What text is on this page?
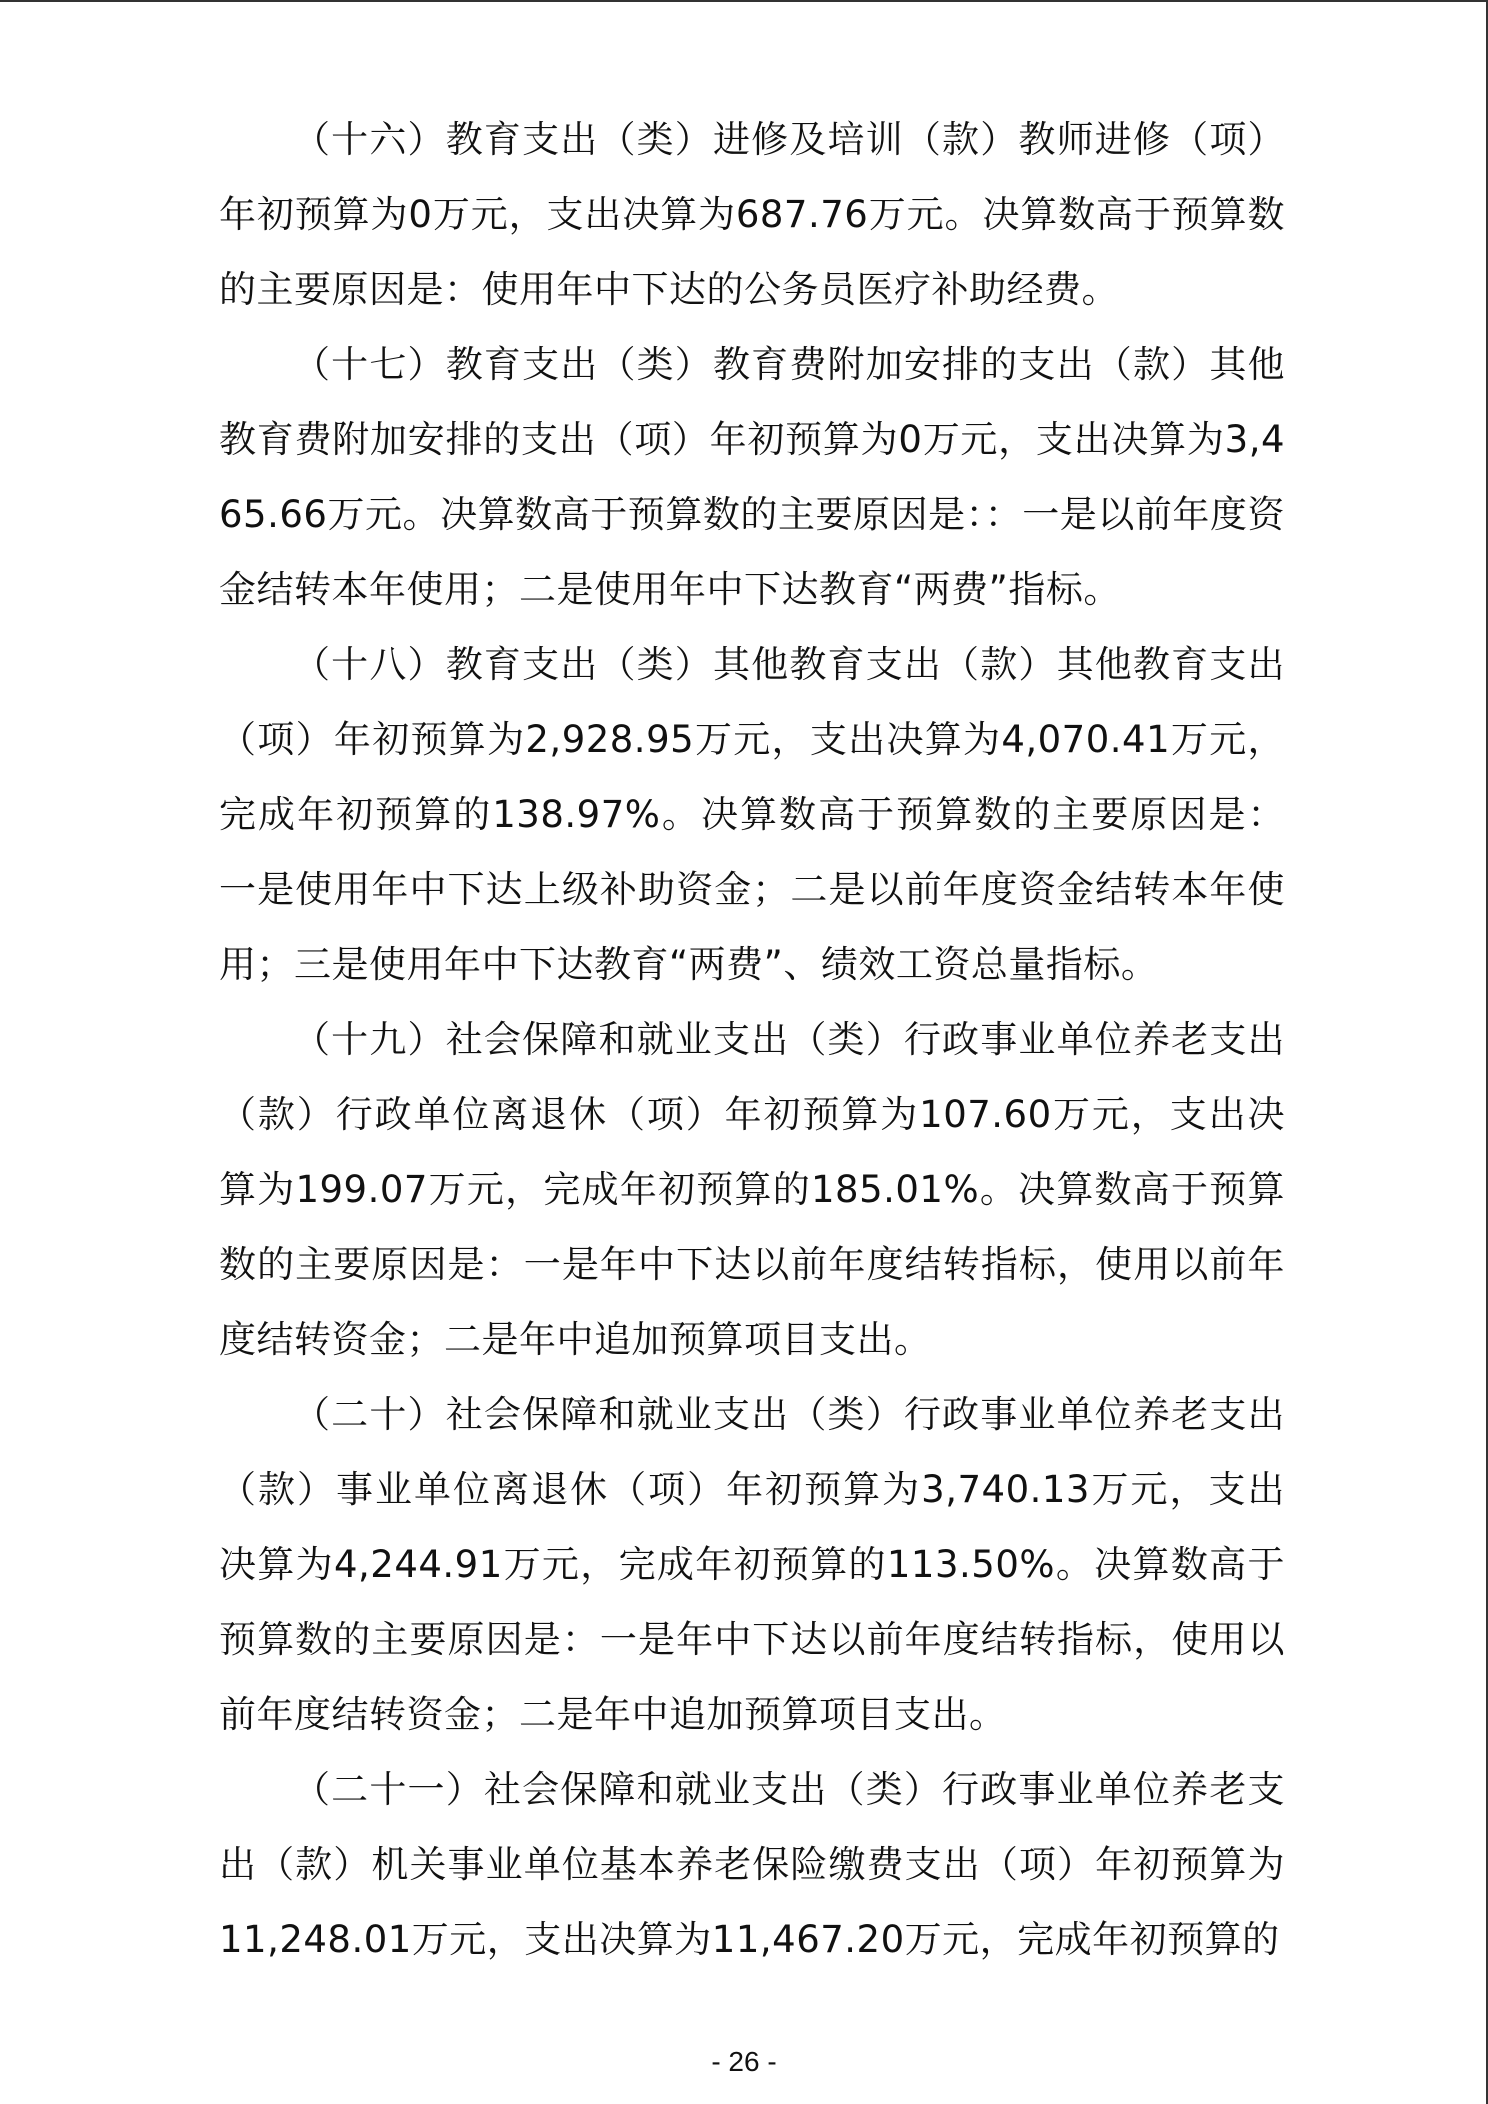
（十六）教育支出（类）进修及培训（款）教师进修（项）年初预算为0万元，支出决算为687.76万元。决算数高于预算数的主要原因是：使用年中下达的公务员医疗补助经费。

（十七）教育支出（类）教育费附加安排的支出（款）其他教育费附加安排的支出（项）年初预算为0万元，支出决算为3,465.66万元。决算数高于预算数的主要原因是：：一是以前年度资金结转本年使用；二是使用年中下达教育“两费”指标。

（十八）教育支出（类）其他教育支出（款）其他教育支出（项）年初预算为2,928.95万元，支出决算为4,070.41万元，完成年初预算的138.97%。决算数高于预算数的主要原因是：一是使用年中下达上级补助资金；二是以前年度资金结转本年使用；三是使用年中下达教育“两费”、绩效工资总量指标。

（十九）社会保障和就业支出（类）行政事业单位养老支出（款）行政单位离退休（项）年初预算为107.60万元，支出决算为199.07万元，完成年初预算的185.01%。决算数高于预算数的主要原因是：一是年中下达以前年度结转指标，使用以前年度结转资金；二是年中追加预算项目支出。

（二十）社会保障和就业支出（类）行政事业单位养老支出（款）事业单位离退休（项）年初预算为3,740.13万元，支出决算为4,244.91万元，完成年初预算的113.50%。决算数高于预算数的主要原因是：一是年中下达以前年度结转指标，使用以前年度结转资金；二是年中追加预算项目支出。

（二十一）社会保障和就业支出（类）行政事业单位养老支出（款）机关事业单位基本养老保险缴费支出（项）年初预算为11,248.01万元，支出决算为11,467.20万元，完成年初预算的

- 26 -
